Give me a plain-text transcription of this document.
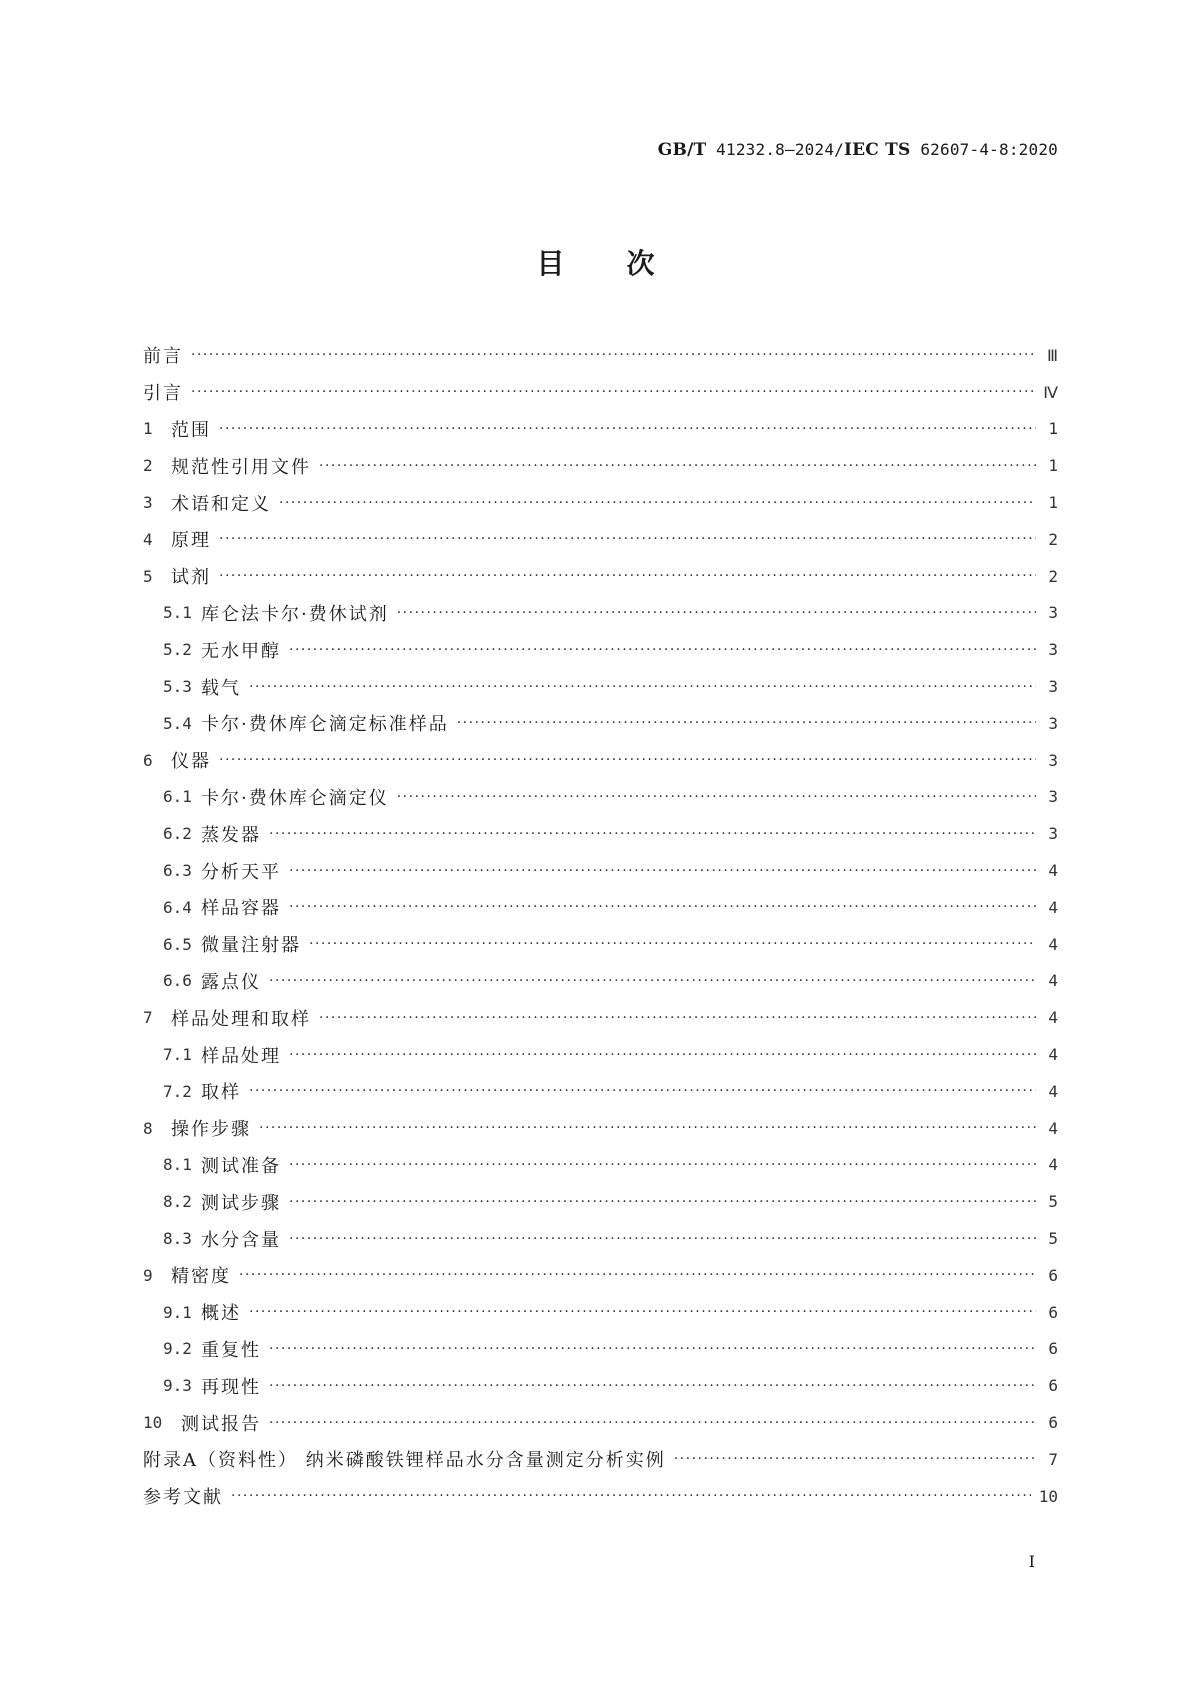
GB/T 41232.8—2024/IEC TS 62607-4-8:2020
目次
前言 ·····	Ⅲ
引言 ·····	Ⅳ
1	范围 ·····	1
2	规范性引用文件 ·····	1
3	术语和定义 ·····	1
4	原理 ·····	2
5	试剂 ·····	2
5.1 库仑法卡尔·费休试剂 ·····	3
5.2 无水甲醇 ·····	3
5.3 载气 ·····	3
5.4 卡尔·费休库仑滴定标准样品 ·····	3
6	仪器 ·····	3
6.1 卡尔·费休库仑滴定仪 ·····	3
6.2 蒸发器 ·····	3
6.3 分析天平 ·····	4
6.4 样品容器 ·····	4
6.5 微量注射器 ·····	4
6.6 露点仪 ·····	4
7	样品处理和取样 ·····	4
7.1 样品处理 ·····	4
7.2 取样 ·····	4
8	操作步骤 ·····	4
8.1 测试准备 ·····	4
8.2 测试步骤 ·····	5
8.3 水分含量 ·····	5
9	精密度 ·····	6
9.1 概述 ·····	6
9.2 重复性 ·····	6
9.3 再现性 ·····	6
10	测试报告 ·····	6
附录A（资料性） 纳米磷酸铁锂样品水分含量测定分析实例 ·····	7
参考文献 ·····	10
Ⅰ
